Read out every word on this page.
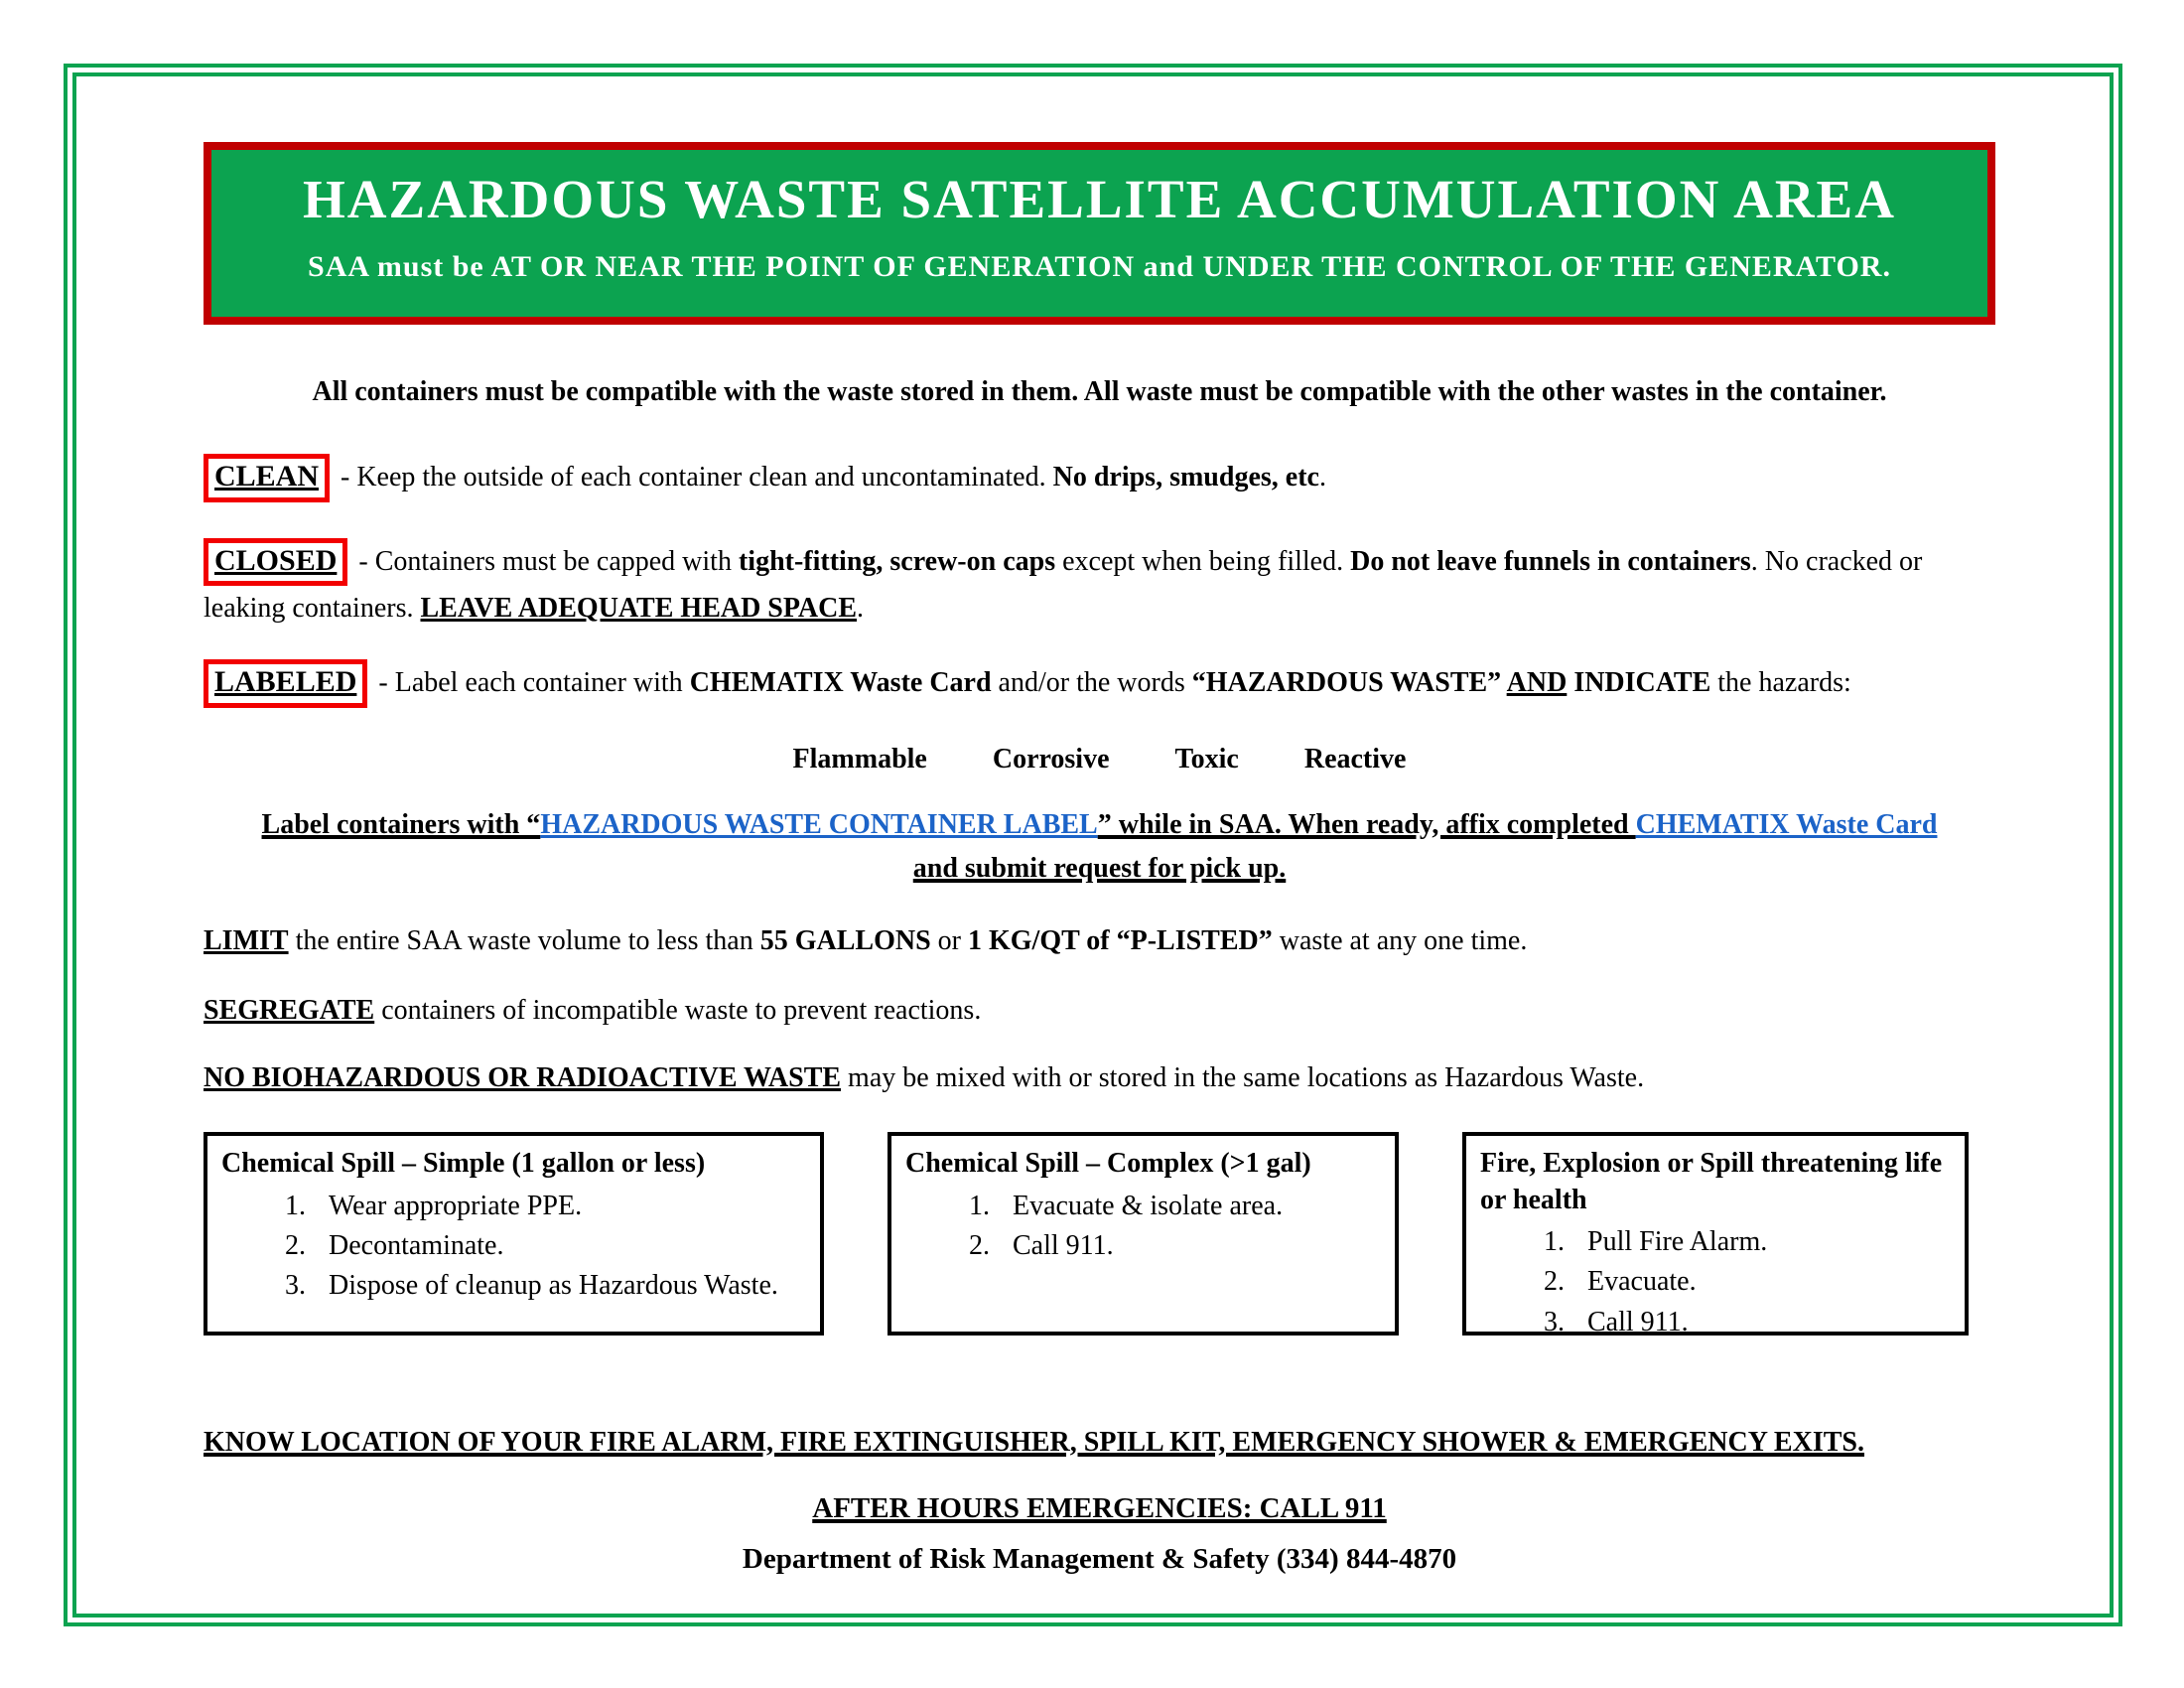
HAZARDOUS WASTE SATELLITE ACCUMULATION AREA
SAA must be AT OR NEAR THE POINT OF GENERATION and UNDER THE CONTROL OF THE GENERATOR.

All containers must be compatible with the waste stored in them. All waste must be compatible with the other wastes in the container.

CLEAN - Keep the outside of each container clean and uncontaminated. No drips, smudges, etc.

CLOSED - Containers must be capped with tight-fitting, screw-on caps except when being filled. Do not leave funnels in containers. No cracked or leaking containers. LEAVE ADEQUATE HEAD SPACE.

LABELED - Label each container with CHEMATIX Waste Card and/or the words “HAZARDOUS WASTE” AND INDICATE the hazards:

Flammable Corrosive Toxic Reactive

Label containers with “HAZARDOUS WASTE CONTAINER LABEL” while in SAA. When ready, affix completed CHEMATIX Waste Card and submit request for pick up.

LIMIT the entire SAA waste volume to less than 55 GALLONS or 1 KG/QT of “P-LISTED” waste at any one time.

SEGREGATE containers of incompatible waste to prevent reactions.

NO BIOHAZARDOUS OR RADIOACTIVE WASTE may be mixed with or stored in the same locations as Hazardous Waste.

Chemical Spill – Simple (1 gallon or less)
1. Wear appropriate PPE.
2. Decontaminate.
3. Dispose of cleanup as Hazardous Waste.
Chemical Spill – Complex (>1 gal)
1. Evacuate & isolate area.
2. Call 911.
Fire, Explosion or Spill threatening life or health
1. Pull Fire Alarm.
2. Evacuate.
3. Call 911.

KNOW LOCATION OF YOUR FIRE ALARM, FIRE EXTINGUISHER, SPILL KIT, EMERGENCY SHOWER & EMERGENCY EXITS.

AFTER HOURS EMERGENCIES: CALL 911

Department of Risk Management & Safety (334) 844-4870
